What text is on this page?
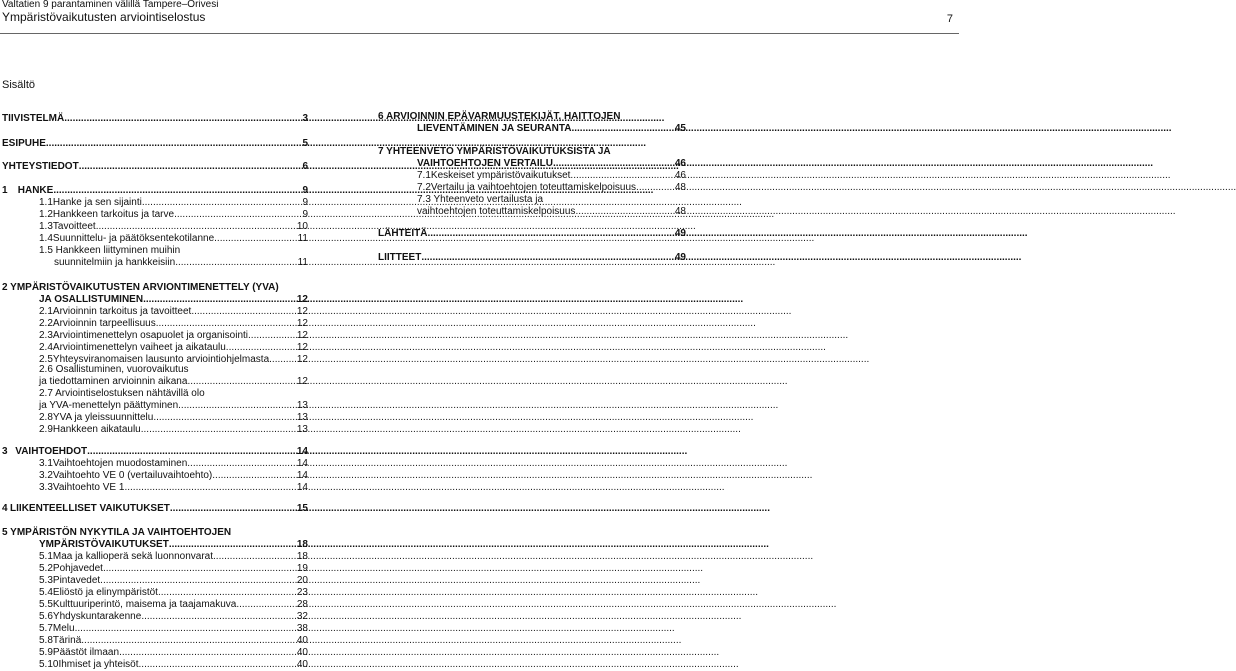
Valtatien 9 parantaminen välillä Tampere–Orivesi
Ympäristövaikutusten arviointiselostus	7
Sisältö
TIIVISTELMÄ .....	3
ESIPUHE .....	5
YHTEYSTIEDOT .....	6
1	HANKE .....	9
1.1 Hanke ja sen sijainti .....	9
1.2 Hankkeen tarkoitus ja tarve .....	9
1.3 Tavoitteet .....	10
1.4 Suunnittelu- ja päätöksentekotilanne .....	11
1.5 Hankkeen liittyminen muihin
suunnitelmiin ja hankkeisiin .....	11
2 YMPÄRISTÖVAIKUTUSTEN ARVIONTIMENETTELY (YVA)
JA OSALLISTUMINEN .....	12
2.1 Arvioinnin tarkoitus ja tavoitteet .....	12
2.2 Arvioinnin tarpeellisuus .....	12
2.3 Arviointimenettelyn osapuolet ja organisointi .....	12
2.4 Arviointimenettelyn vaiheet ja aikataulu .....	12
2.5 Yhteysviranomaisen lausunto arviointiohjelmasta .....	12
2.6 Osallistuminen, vuorovaikutus
ja tiedottaminen arvioinnin aikana .....	12
2.7 Arviointiselostuksen nähtävillä olo
ja YVA-menettelyn päättyminen .....	13
2.8 YVA ja yleissuunnittelu .....	13
2.9 Hankkeen aikataulu .....	13
3 VAIHTOEHDOT .....	14
3.1 Vaihtoehtojen muodostaminen .....	14
3.2 Vaihtoehto VE 0 (vertailuvaihtoehto) .....	14
3.3 Vaihtoehto VE 1 .....	14
4 LIIKENTEELLISET VAIKUTUKSET .....	15
5 YMPÄRISTÖN NYKYTILA JA VAIHTOEHTOJEN
YMPÄRISTÖVAIKUTUKSET .....	18
5.1 Maa ja kallioperä sekä luonnonvarat .....	18
5.2 Pohjavedet .....	19
5.3 Pintavedet .....	20
5.4 Eliöstö ja elinympäristöt .....	23
5.5 Kulttuuriperintö, maisema ja taajamakuva .....	28
5.6 Yhdyskuntarakenne .....	32
5.7 Melu .....	38
5.8 Tärinä .....	40
5.9 Päästöt ilmaan .....	40
5.10 Ihmiset ja yhteisöt .....	40
6 ARVIOINNIN EPÄVARMUUSTEKIJÄT, HAITTOJEN
LIEVENTÄMINEN JA SEURANTA .....	45
7 YHTEENVETO YMPÄRISTÖVAIKUTUKSISTA JA
VAIHTOEHTOJEN VERTAILU .....	46
7.1 Keskeiset ympäristövaikutukset .....	46
7.2 Vertailu ja vaihtoehtojen toteuttamiskelpoisuus .....	48
7.3 Yhteenveto vertailusta ja
vaihtoehtojen toteuttamiskelpoisuus .....	48
LÄHTEITÄ .....	49
LIITTEET .....	49
